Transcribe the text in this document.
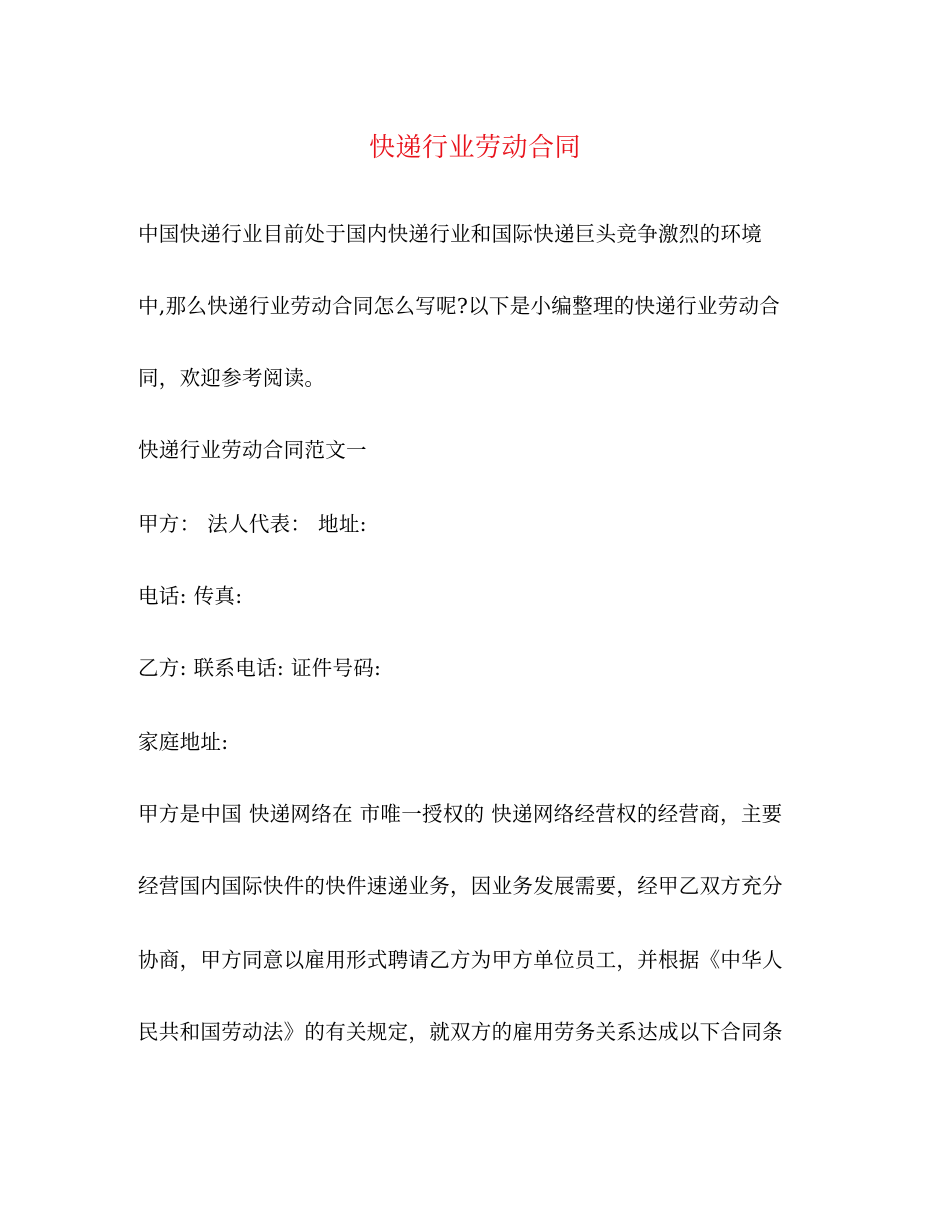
快递行业劳动合同
中国快递行业目前处于国内快递行业和国际快递巨头竞争激烈的环境
中,那么快递行业劳动合同怎么写呢?以下是小编整理的快递行业劳动合
同，欢迎参考阅读。
快递行业劳动合同范文一
甲方： 法人代表： 地址:
电话: 传真:
乙方: 联系电话: 证件号码:
家庭地址:
甲方是中国 快递网络在 市唯一授权的 快递网络经营权的经营商，主要
经营国内国际快件的快件速递业务，因业务发展需要，经甲乙双方充分
协商，甲方同意以雇用形式聘请乙方为甲方单位员工，并根据《中华人
民共和国劳动法》的有关规定，就双方的雇用劳务关系达成以下合同条
